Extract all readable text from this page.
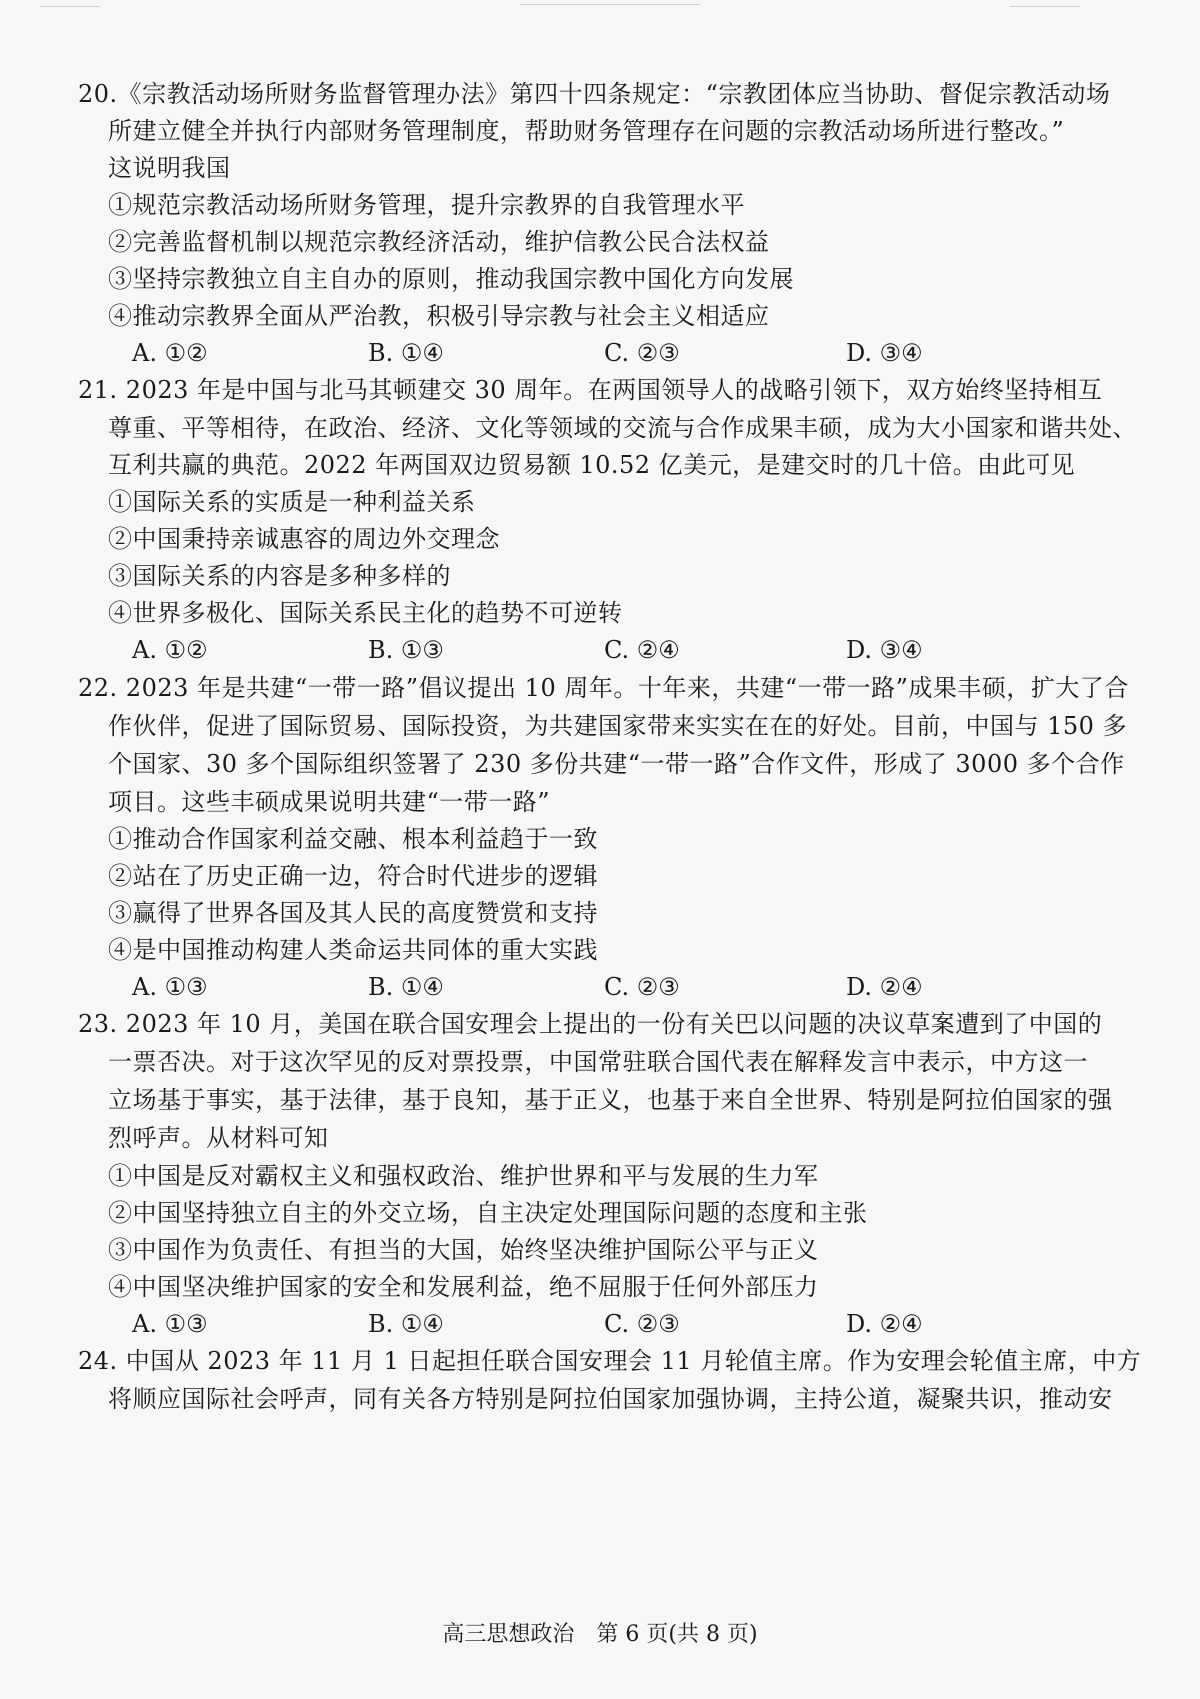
20.《宗教活动场所财务监督管理办法》第四十四条规定：“宗教团体应当协助、督促宗教活动场
所建立健全并执行内部财务管理制度，帮助财务管理存在问题的宗教活动场所进行整改。”
这说明我国
①规范宗教活动场所财务管理，提升宗教界的自我管理水平
②完善监督机制以规范宗教经济活动，维护信教公民合法权益
③坚持宗教独立自主自办的原则，推动我国宗教中国化方向发展
④推动宗教界全面从严治教，积极引导宗教与社会主义相适应
A. ①②	B. ①④	C. ②③	D. ③④
21. 2023 年是中国与北马其顿建交 30 周年。在两国领导人的战略引领下，双方始终坚持相互
尊重、平等相待，在政治、经济、文化等领域的交流与合作成果丰硕，成为大小国家和谐共处、
互利共赢的典范。2022 年两国双边贸易额 10.52 亿美元，是建交时的几十倍。由此可见
①国际关系的实质是一种利益关系
②中国秉持亲诚惠容的周边外交理念
③国际关系的内容是多种多样的
④世界多极化、国际关系民主化的趋势不可逆转
A. ①②	B. ①③	C. ②④	D. ③④
22. 2023 年是共建“一带一路”倡议提出 10 周年。十年来，共建“一带一路”成果丰硕，扩大了合
作伙伴，促进了国际贸易、国际投资，为共建国家带来实实在在的好处。目前，中国与 150 多
个国家、30 多个国际组织签署了 230 多份共建“一带一路”合作文件，形成了 3000 多个合作
项目。这些丰硕成果说明共建“一带一路”
①推动合作国家利益交融、根本利益趋于一致
②站在了历史正确一边，符合时代进步的逻辑
③赢得了世界各国及其人民的高度赞赏和支持
④是中国推动构建人类命运共同体的重大实践
A. ①③	B. ①④	C. ②③	D. ②④
23. 2023 年 10 月，美国在联合国安理会上提出的一份有关巴以问题的决议草案遭到了中国的
一票否决。对于这次罕见的反对票投票，中国常驻联合国代表在解释发言中表示，中方这一
立场基于事实，基于法律，基于良知，基于正义，也基于来自全世界、特别是阿拉伯国家的强
烈呼声。从材料可知
①中国是反对霸权主义和强权政治、维护世界和平与发展的生力军
②中国坚持独立自主的外交立场，自主决定处理国际问题的态度和主张
③中国作为负责任、有担当的大国，始终坚决维护国际公平与正义
④中国坚决维护国家的安全和发展利益，绝不屈服于任何外部压力
A. ①③	B. ①④	C. ②③	D. ②④
24. 中国从 2023 年 11 月 1 日起担任联合国安理会 11 月轮值主席。作为安理会轮值主席，中方
将顺应国际社会呼声，同有关各方特别是阿拉伯国家加强协调，主持公道，凝聚共识，推动安
高三思想政治　第 6 页(共 8 页)
